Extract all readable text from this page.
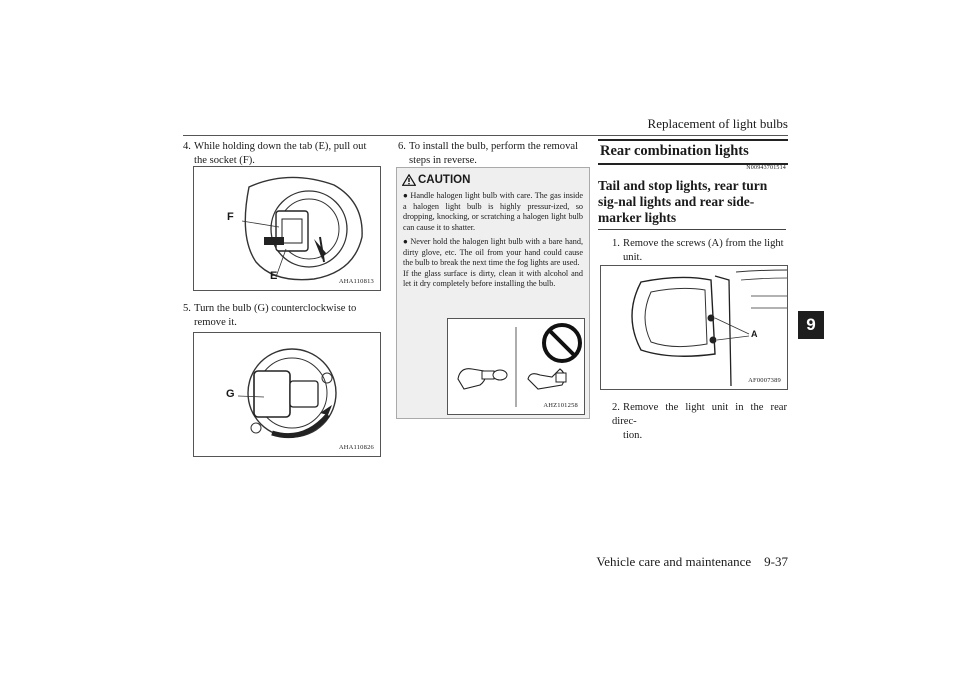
Replacement of light bulbs
9
4. While holding down the tab (E), pull out
the socket (F).
F
E	AHA110813
5. Turn the bulb (G) counterclockwise to
remove it.
G
AHA110826
6. To install the bulb, perform the removal
steps in reverse.
CAUTION
● Handle halogen light bulb with care. The gas inside a halogen light bulb is highly pressur-ized, so dropping, knocking, or scratching a halogen light bulb can cause it to shatter.
● Never hold the halogen light bulb with a bare hand, dirty glove, etc. The oil from your hand could cause the bulb to break the next time the fog lights are used.
If the glass surface is dirty, clean it with alcohol and let it dry completely before installing the bulb.
AHZ101258
Rear combination lights
N00943701514
Tail and stop lights, rear turn sig-nal lights and rear side-marker lights
1. Remove the screws (A) from the light
unit.
A
AF0007389
2. Remove the light unit in the rear direc-
tion.
Vehicle care and maintenance    9-37
